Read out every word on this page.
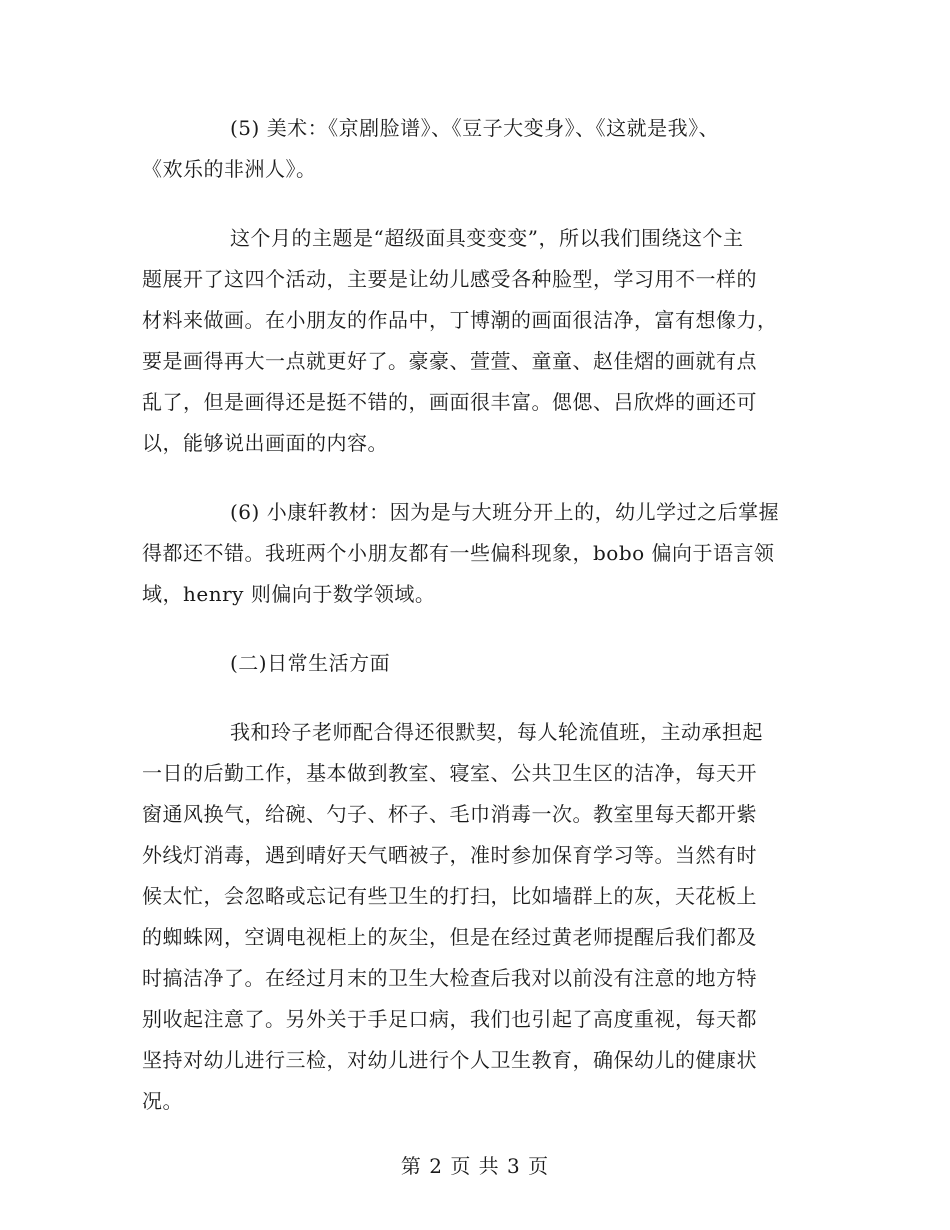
(5) 美术：《京剧脸谱》、《豆子大变身》、《这就是我》、
《欢乐的非洲人》。

这个月的主题是“超级面具变变变”，所以我们围绕这个主
题展开了这四个活动，主要是让幼儿感受各种脸型，学习用不一样的
材料来做画。在小朋友的作品中，丁博潮的画面很洁净，富有想像力，
要是画得再大一点就更好了。豪豪、萱萱、童童、赵佳熠的画就有点
乱了，但是画得还是挺不错的，画面很丰富。偲偲、吕欣烨的画还可
以，能够说出画面的内容。

(6) 小康轩教材：因为是与大班分开上的，幼儿学过之后掌握
得都还不错。我班两个小朋友都有一些偏科现象，bobo 偏向于语言领
域，henry 则偏向于数学领域。

(二)日常生活方面

我和玲子老师配合得还很默契，每人轮流值班，主动承担起
一日的后勤工作，基本做到教室、寝室、公共卫生区的洁净，每天开
窗通风换气，给碗、勺子、杯子、毛巾消毒一次。教室里每天都开紫
外线灯消毒，遇到晴好天气晒被子，准时参加保育学习等。当然有时
候太忙，会忽略或忘记有些卫生的打扫，比如墙群上的灰，天花板上
的蜘蛛网，空调电视柜上的灰尘，但是在经过黄老师提醒后我们都及
时搞洁净了。在经过月末的卫生大检查后我对以前没有注意的地方特
别收起注意了。另外关于手足口病，我们也引起了高度重视，每天都
坚持对幼儿进行三检，对幼儿进行个人卫生教育，确保幼儿的健康状
况。

第 2 页 共 3 页
